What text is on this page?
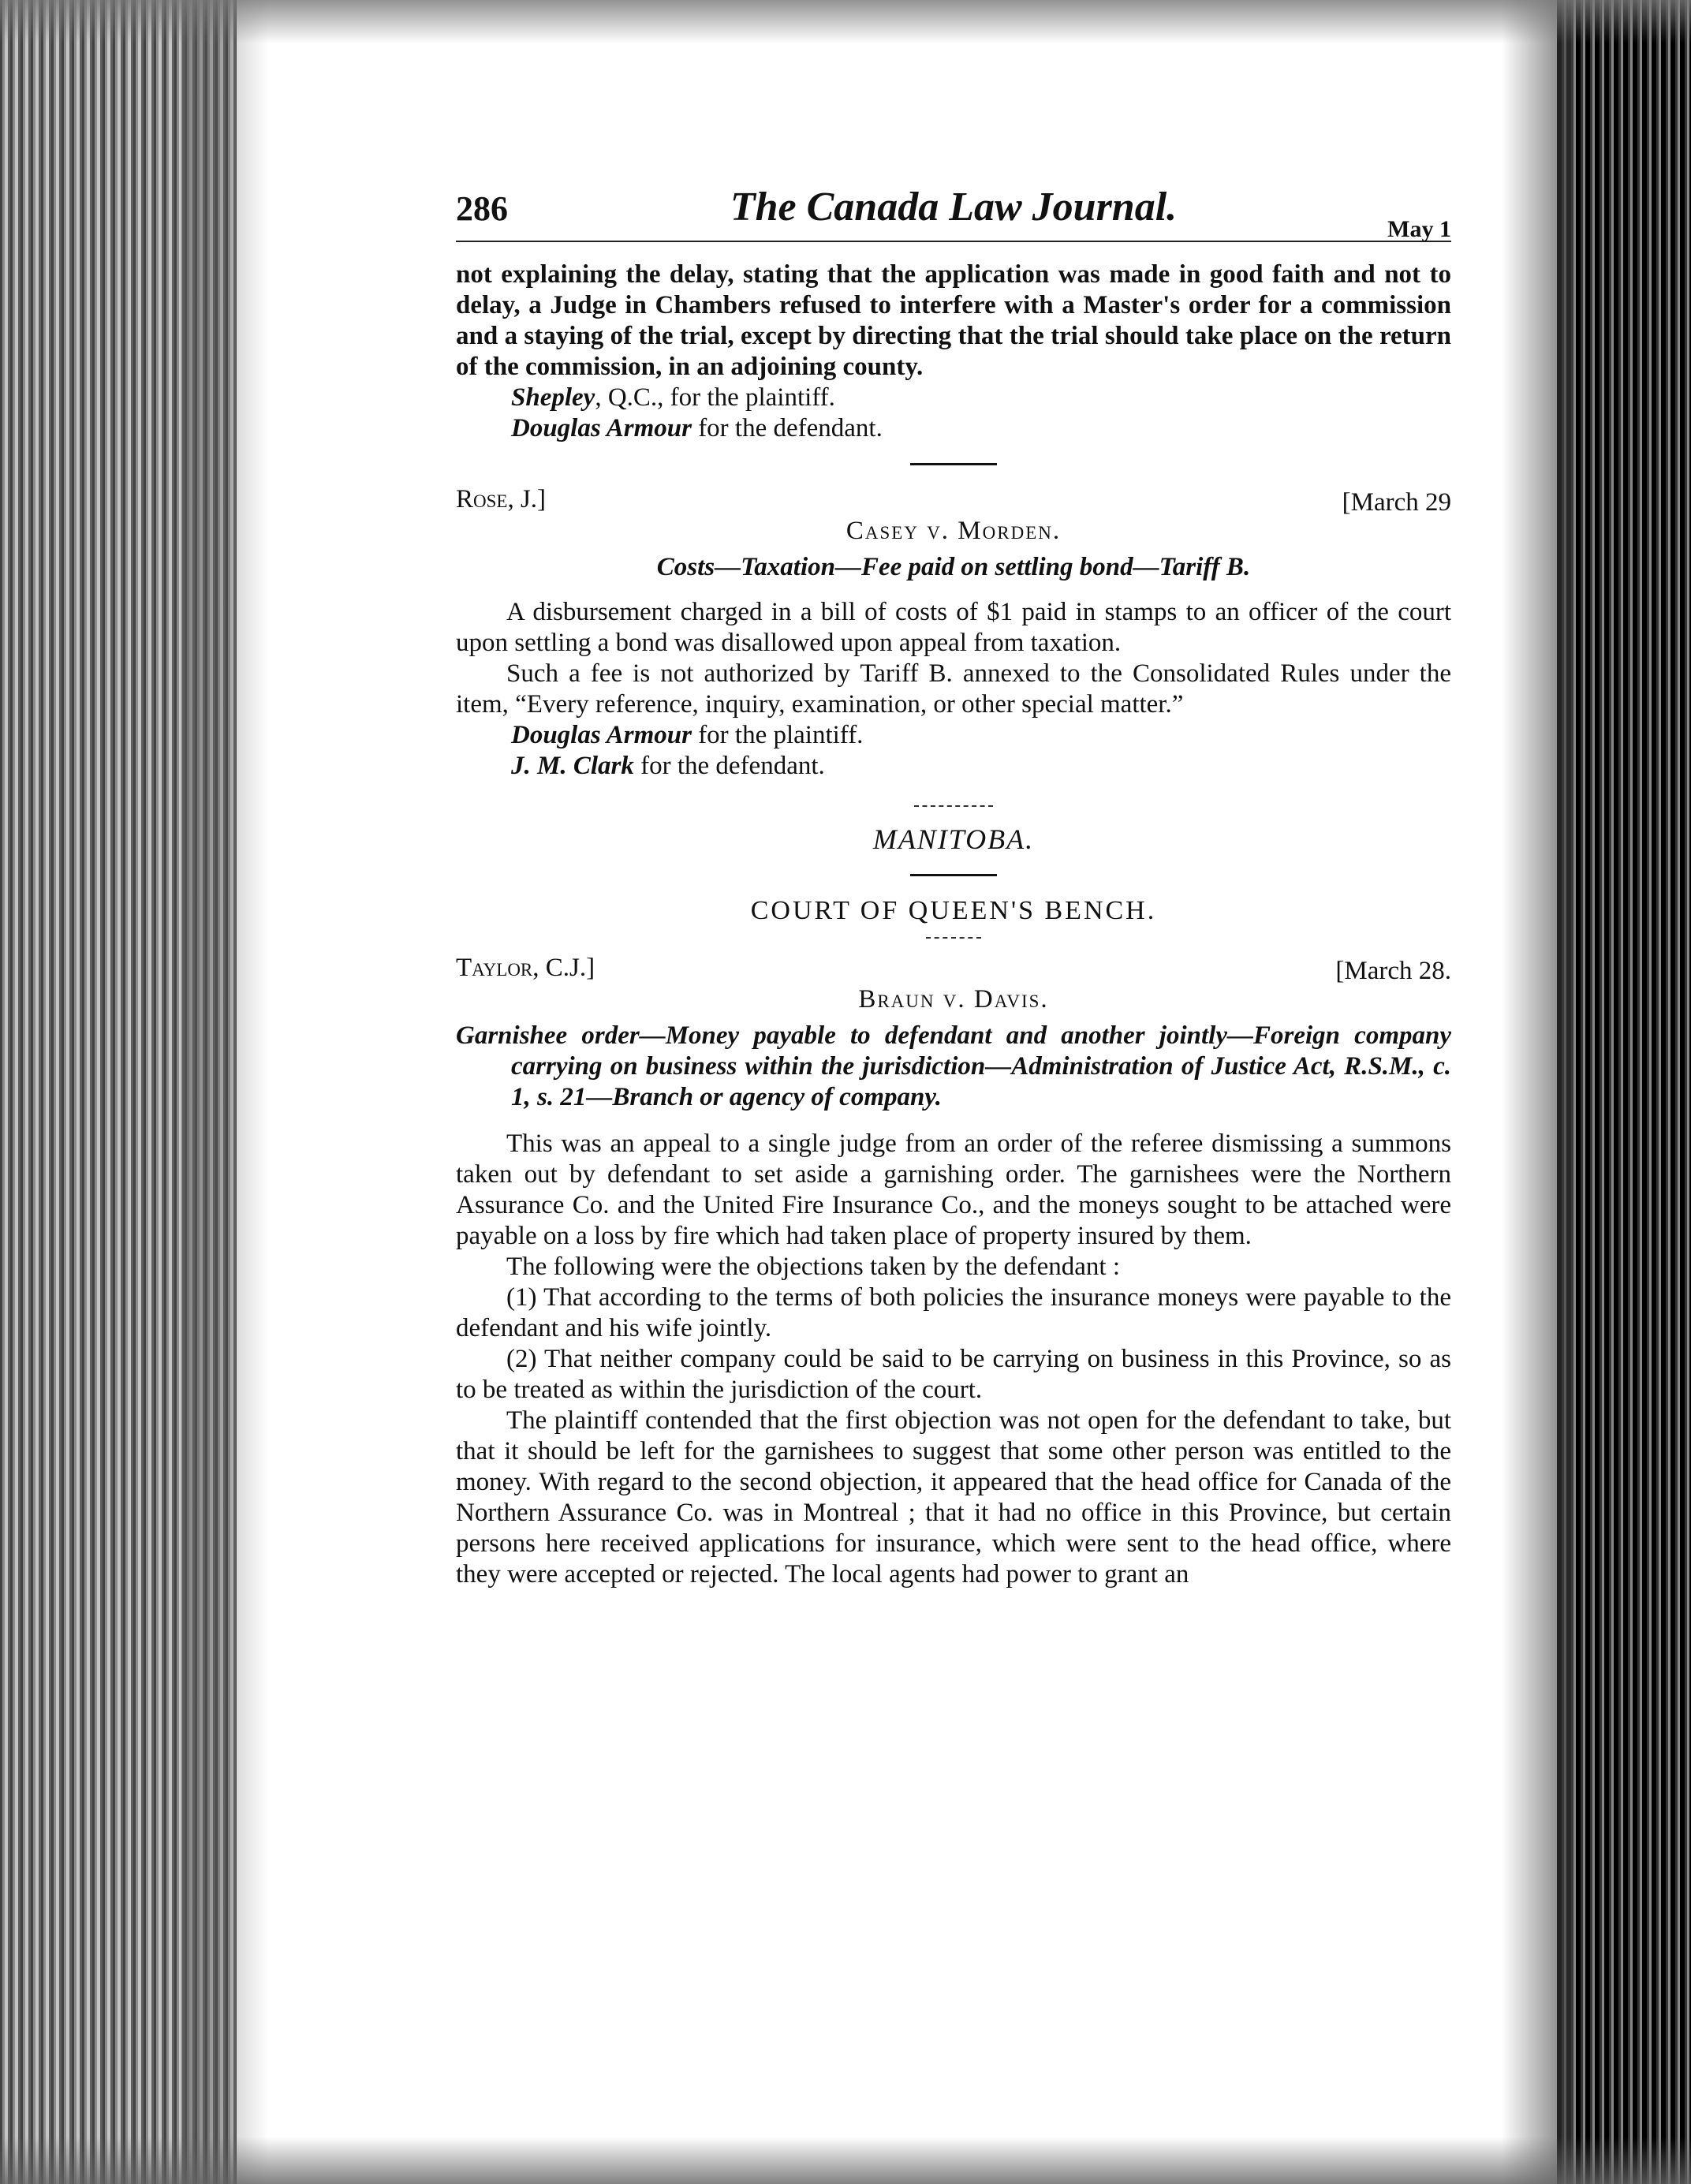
286	The Canada Law Journal.	May 1

not explaining the delay, stating that the application was made in good faith and not to delay, a Judge in Chambers refused to interfere with a Master's order for a commission and a staying of the trial, except by directing that the trial should take place on the return of the commission, in an adjoining county.

Shepley, Q.C., for the plaintiff.

Douglas Armour for the defendant.

Rose, J.]	[March 29
Casey v. Morden.

Costs—Taxation—Fee paid on settling bond—Tariff B.

A disbursement charged in a bill of costs of $1 paid in stamps to an officer of the court upon settling a bond was disallowed upon appeal from taxation.

Such a fee is not authorized by Tariff B. annexed to the Consolidated Rules under the item, “Every reference, inquiry, examination, or other special matter.”

Douglas Armour for the plaintiff.

J. M. Clark for the defendant.

MANITOBA.
COURT OF QUEEN'S BENCH.
Taylor, C.J.]	[March 28.
Braun v. Davis.

Garnishee order—Money payable to defendant and another jointly—Foreign company carrying on business within the jurisdiction—Administration of Justice Act, R.S.M., c. 1, s. 21—Branch or agency of company.

This was an appeal to a single judge from an order of the referee dismissing a summons taken out by defendant to set aside a garnishing order. The garnishees were the Northern Assurance Co. and the United Fire Insurance Co., and the moneys sought to be attached were payable on a loss by fire which had taken place of property insured by them.

The following were the objections taken by the defendant :

(1) That according to the terms of both policies the insurance moneys were payable to the defendant and his wife jointly.

(2) That neither company could be said to be carrying on business in this Province, so as to be treated as within the jurisdiction of the court.

The plaintiff contended that the first objection was not open for the defendant to take, but that it should be left for the garnishees to suggest that some other person was entitled to the money. With regard to the second objection, it appeared that the head office for Canada of the Northern Assurance Co. was in Montreal ; that it had no office in this Province, but certain persons here received applications for insurance, which were sent to the head office, where they were accepted or rejected. The local agents had power to grant an
